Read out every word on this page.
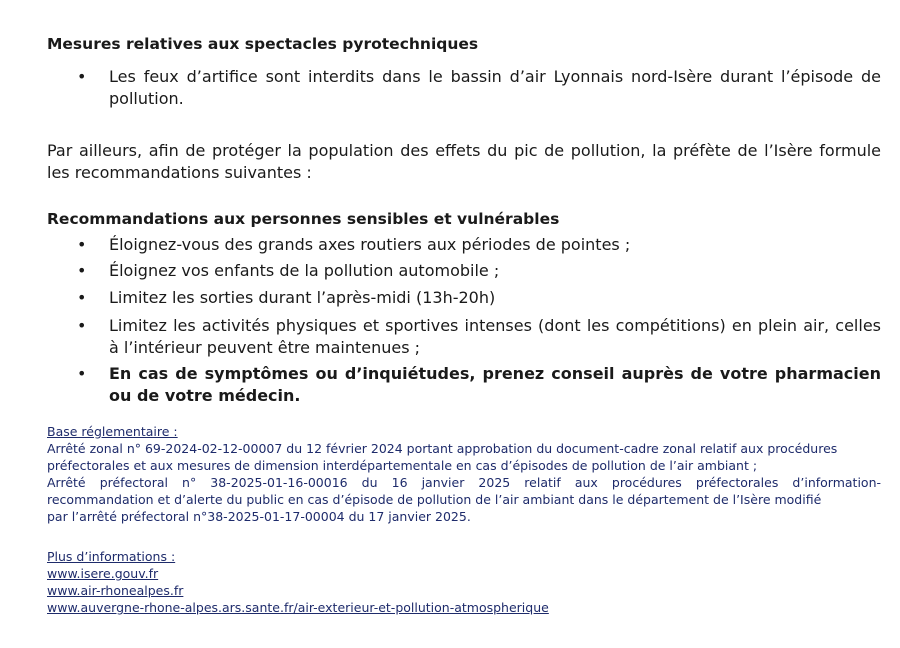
Mesures relatives aux spectacles pyrotechniques
• Les feux d’artifice sont interdits dans le bassin d’air Lyonnais nord-Isère durant l’épisode de pollution.
Par ailleurs, afin de protéger la population des effets du pic de pollution, la préfète de l’Isère formule les recommandations suivantes :
Recommandations aux personnes sensibles et vulnérables
• Éloignez-vous des grands axes routiers aux périodes de pointes ;
• Éloignez vos enfants de la pollution automobile ;
• Limitez les sorties durant l’après-midi (13h-20h)
• Limitez les activités physiques et sportives intenses (dont les compétitions) en plein air, celles à l’intérieur peuvent être maintenues ;
• En cas de symptômes ou d’inquiétudes, prenez conseil auprès de votre pharmacien ou de votre médecin.
Base réglementaire :
Arrêté zonal n° 69-2024-02-12-00007 du 12 février 2024 portant approbation du document-cadre zonal relatif aux procédures
préfectorales et aux mesures de dimension interdépartementale en cas d’épisodes de pollution de l’air ambiant ;
Arrêté préfectoral n° 38-2025-01-16-00016 du 16 janvier 2025 relatif aux procédures préfectorales d’information-
recommandation et d’alerte du public en cas d’épisode de pollution de l’air ambiant dans le département de l’Isère modifié
par l’arrêté préfectoral n°38-2025-01-17-00004 du 17 janvier 2025.
Plus d’informations :
www.isere.gouv.fr
www.air-rhonealpes.fr
www.auvergne-rhone-alpes.ars.sante.fr/air-exterieur-et-pollution-atmospherique
